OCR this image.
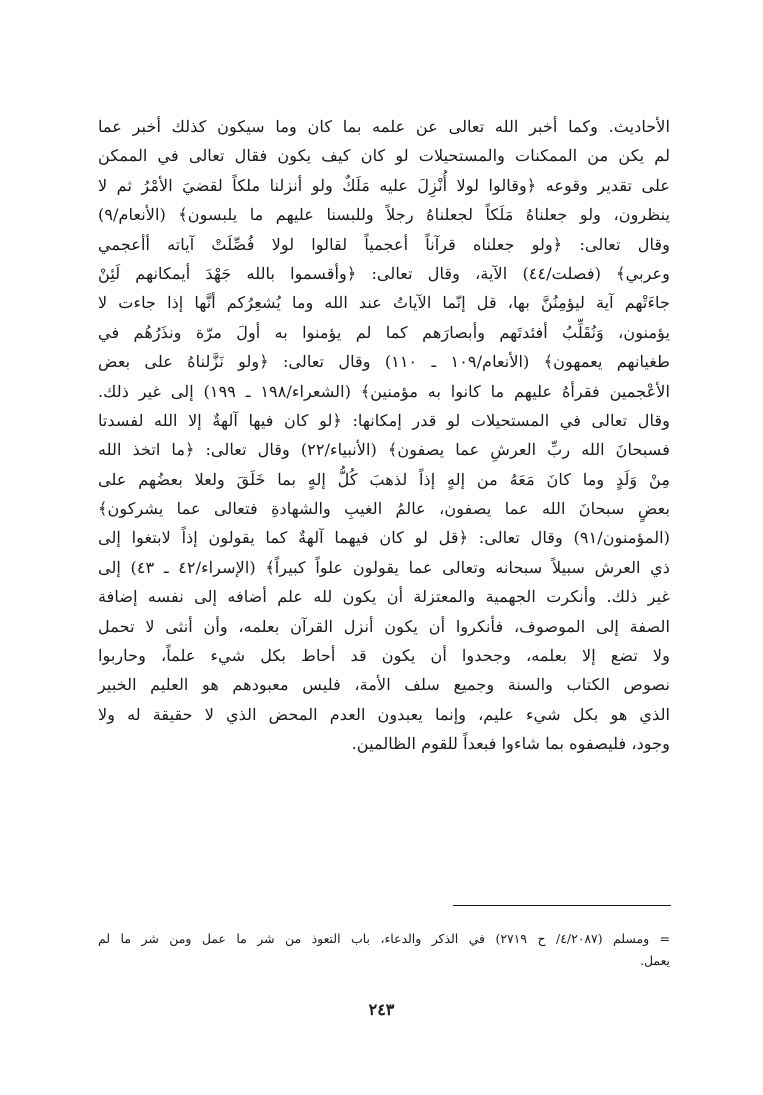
الأحاديث. وكما أخبر الله تعالى عن علمه بما كان وما سيكون كذلك أخبر عما
لم يكن من الممكنات والمستحيلات لو كان كيف يكون فقال تعالى في الممكن
على تقدير وقوعه ﴿وقالوا لولا أُنْزِلَ عليه مَلَكٌ ولو أنزلنا ملكاً لقضيَ الأمْرُ ثم لا
ينظرون، ولو جعلناهُ مَلَكاً لجعلناهُ رجلاً وللبسنا عليهم ما يلبسون﴾ (الأنعام/٩)
وقال تعالى: ﴿ولو جعلناه قرآناً أعجمياً لقالوا لولا فُصِّلَتْ آياته أأعجمي
وعربي﴾ (فصلت/٤٤) الآية، وقال تعالى: ﴿وأقسموا بالله جَهْدَ أيمكانهم لَئِنْ
جاءَتْهم آية ليؤمِنُنَّ بها، قل إنّما الآياتُ عند الله وما يُشعِرُكم أنَّها إذا جاءت لا
يؤمنون، وَنُقَلِّبُ أفئدتَهم وأبصارَهم كما لم يؤمنوا به أولَ مرّة ونذَرُهُم في
طغيانهم يعمهون﴾ (الأنعام/١٠٩ ـ ١١٠) وقال تعالى: ﴿ولو نَزَّلناهُ على بعض
الأعْجمين فقرأهُ عليهم ما كانوا به مؤمنين﴾ (الشعراء/١٩٨ ـ ١٩٩) إلى غير ذلك.
وقال تعالى في المستحيلات لو قدر إمكانها: ﴿لو كان فيها آلهةٌ إلا الله لفسدتا
فسبحانَ الله ربِّ العرشِ عما يصفون﴾ (الأنبياء/٢٢) وقال تعالى: ﴿ما اتخذ الله
مِنْ وَلَدٍ وما كانَ مَعَهُ من إلهٍ إذاً لذهبَ كُلُّ إلهٍ بما خَلَقَ ولعلا بعضُهم على
بعضٍ سبحانَ الله عما يصفون، عالمُ الغيبِ والشهادةِ فتعالى عما يشركون﴾
(المؤمنون/٩١) وقال تعالى: ﴿قل لو كان فيهما آلهةٌ كما يقولون إذاً لابتغوا إلى
ذي العرش سبيلاً سبحانه وتعالى عما يقولون علواً كبيراً﴾ (الإسراء/٤٢ ـ ٤٣) إلى
غير ذلك. وأنكرت الجهمية والمعتزلة أن يكون لله علم أضافه إلى نفسه إضافة
الصفة إلى الموصوف، فأنكروا أن يكون أنزل القرآن بعلمه، وأن أنثى لا تحمل
ولا تضع إلا بعلمه، وجحدوا أن يكون قد أحاط بكل شيء علماً، وحاربوا
نصوص الكتاب والسنة وجميع سلف الأمة، فليس معبودهم هو العليم الخبير
الذي هو بكل شيء عليم، وإنما يعبدون العدم المحض الذي لا حقيقة له ولا
وجود، فليصفوه بما شاءوا فبعداً للقوم الظالمين.
= ومسلم (٤/٢٠٨٧/ ح ٢٧١٩) في الذكر والدعاء، باب التعوذ من شر ما عمل ومن شر ما لم
يعمل.
٢٤٣
